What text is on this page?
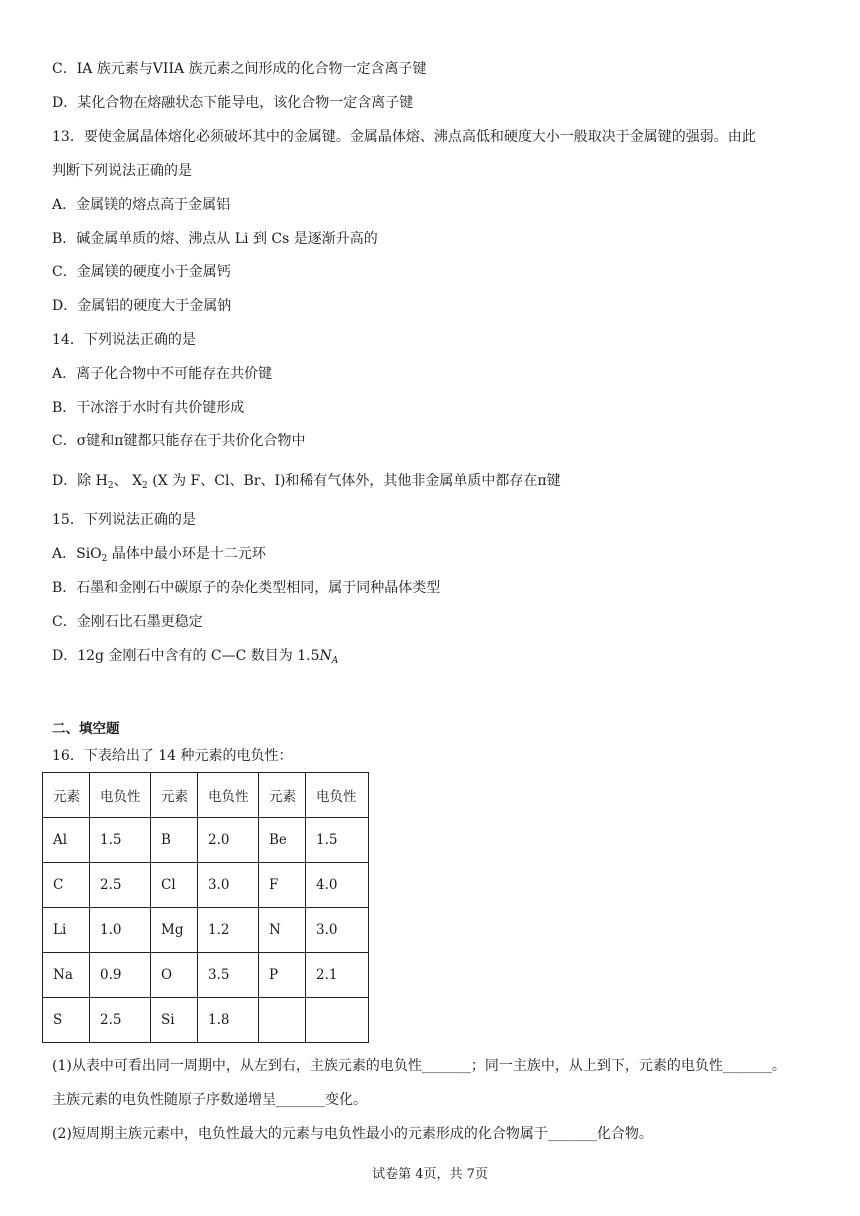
C．IA 族元素与VIIA 族元素之间形成的化合物一定含离子键
D．某化合物在熔融状态下能导电，该化合物一定含离子键
13．要使金属晶体熔化必须破坏其中的金属键。金属晶体熔、沸点高低和硬度大小一般取决于金属键的强弱。由此
判断下列说法正确的是
A．金属镁的熔点高于金属铝
B．碱金属单质的熔、沸点从 Li 到 Cs 是逐渐升高的
C．金属镁的硬度小于金属钙
D．金属铝的硬度大于金属钠
14．下列说法正确的是
A．离子化合物中不可能存在共价键
B．干冰溶于水时有共价键形成
C．σ键和π键都只能存在于共价化合物中
D．除 $H_2$、 $X_2$ (X 为 F、Cl、Br、I)和稀有气体外，其他非金属单质中都存在π键
15．下列说法正确的是
A．SiO$_2$ 晶体中最小环是十二元环
B．石墨和金刚石中碳原子的杂化类型相同，属于同种晶体类型
C．金刚石比石墨更稳定
D．12g 金刚石中含有的 C—C 数目为 $1.5N_A$
二、填空题
16．下表给出了 14 种元素的电负性：
元素	电负性	元素	电负性	元素	电负性
Al	1.5	B	2.0	Be	1.5
C	2.5	Cl	3.0	F	4.0
Li	1.0	Mg	1.2	N	3.0
Na	0.9	O	3.5	P	2.1
S	2.5	Si	1.8		
(1)从表中可看出同一周期中，从左到右，主族元素的电负性_______；同一主族中，从上到下，元素的电负性_______。
主族元素的电负性随原子序数递增呈_______变化。
(2)短周期主族元素中，电负性最大的元素与电负性最小的元素形成的化合物属于_______化合物。
试卷第 4页，共 7页
